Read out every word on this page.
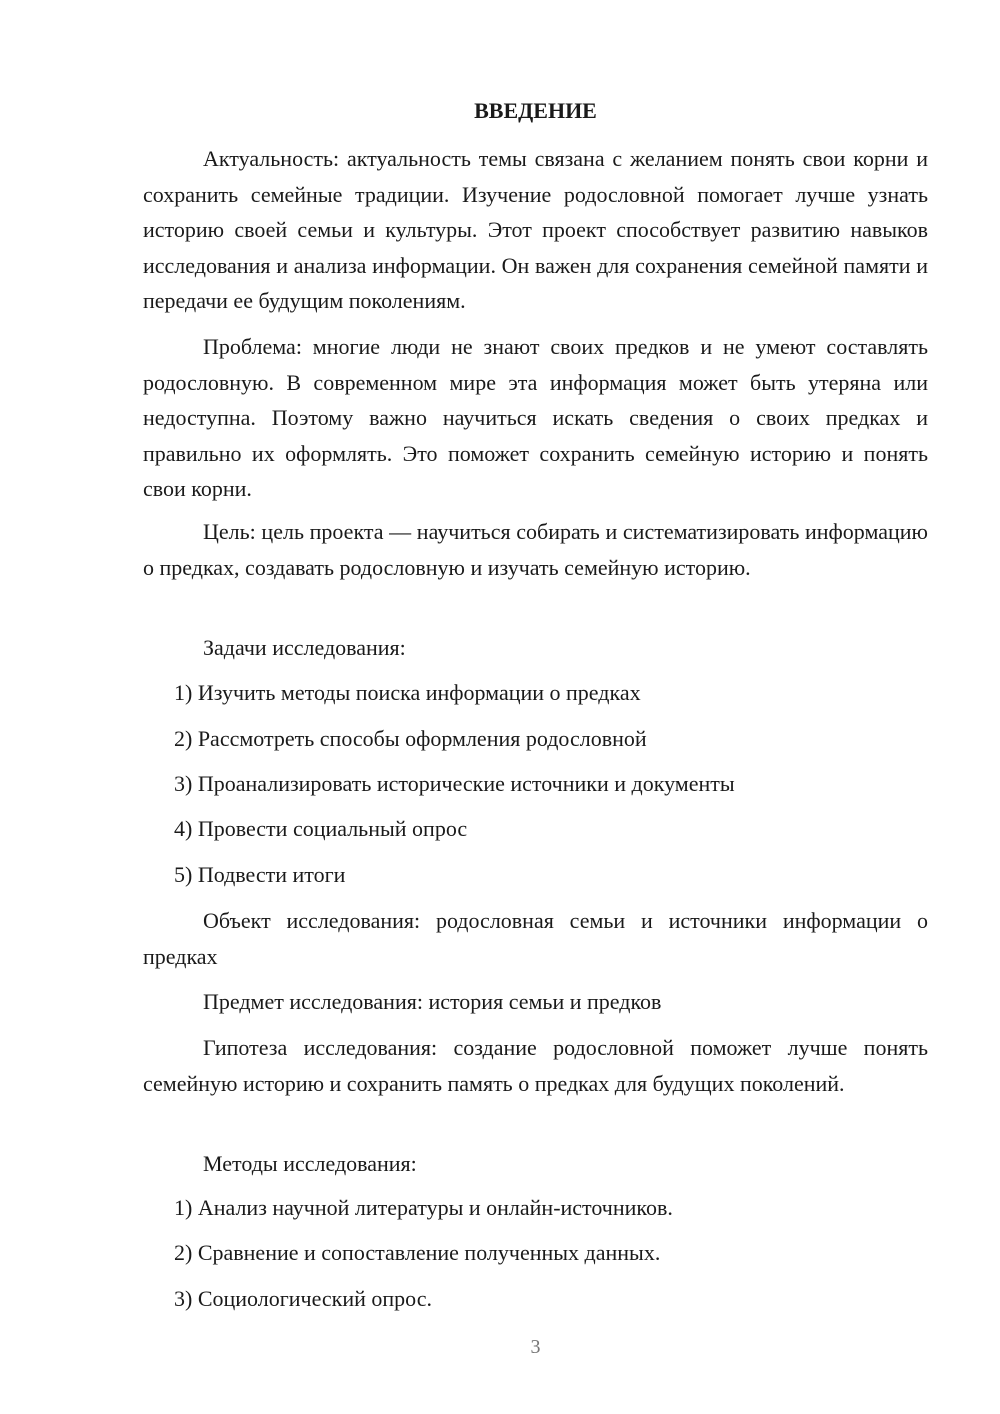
ВВЕДЕНИЕ

Актуальность: актуальность темы связана с желанием понять свои корни и сохранить семейные традиции. Изучение родословной помогает лучше узнать историю своей семьи и культуры. Этот проект способствует развитию навыков исследования и анализа информации. Он важен для сохранения семейной памяти и передачи ее будущим поколениям.

Проблема: многие люди не знают своих предков и не умеют составлять родословную. В современном мире эта информация может быть утеряна или недоступна. Поэтому важно научиться искать сведения о своих предках и правильно их оформлять. Это поможет сохранить семейную историю и понять свои корни.

Цель: цель проекта — научиться собирать и систематизировать информацию о предках, создавать родословную и изучать семейную историю.

Задачи исследования:

1) Изучить методы поиска информации о предках

2) Рассмотреть способы оформления родословной

3) Проанализировать исторические источники и документы

4) Провести социальный опрос

5) Подвести итоги

Объект исследования: родословная семьи и источники информации о предках

Предмет исследования: история семьи и предков

Гипотеза исследования: создание родословной поможет лучше понять семейную историю и сохранить память о предках для будущих поколений.

Методы исследования:

1) Анализ научной литературы и онлайн-источников.

2) Сравнение и сопоставление полученных данных.

3) Социологический опрос.

3
